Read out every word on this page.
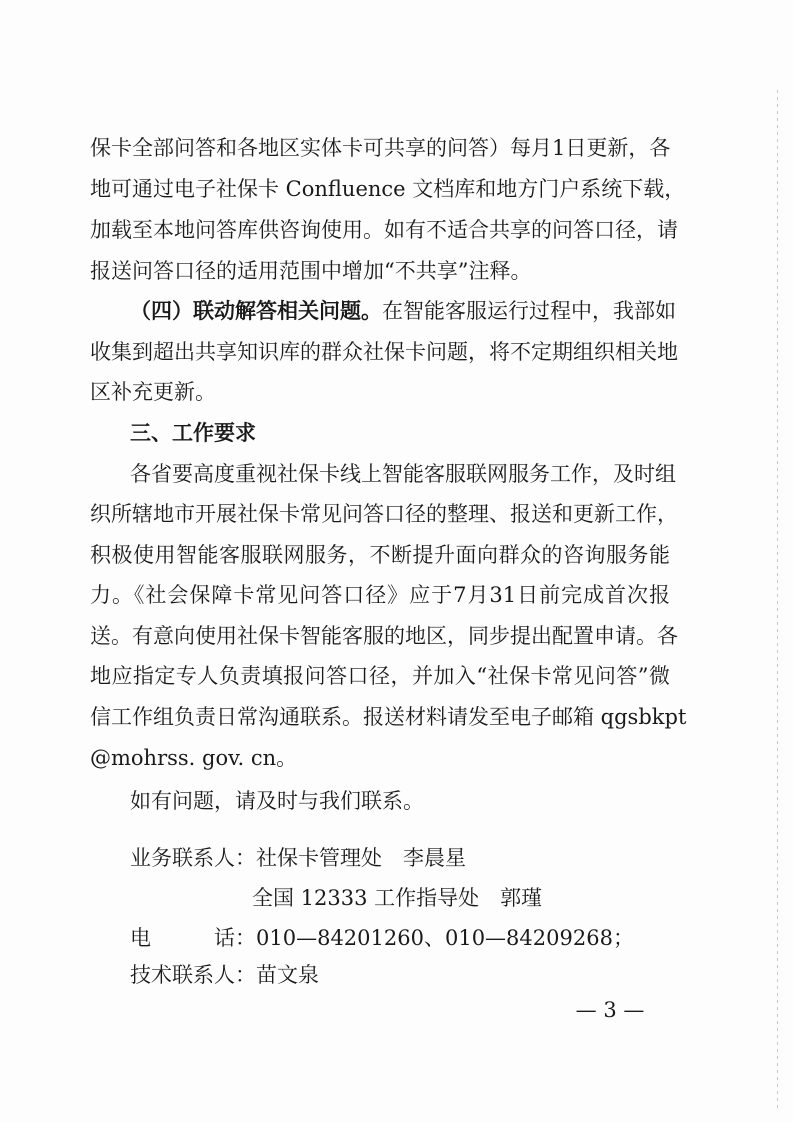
保卡全部问答和各地区实体卡可共享的问答）每月1日更新，各
地可通过电子社保卡 Confluence 文档库和地方门户系统下载，
加载至本地问答库供咨询使用。如有不适合共享的问答口径，请
报送问答口径的适用范围中增加“不共享”注释。
（四）联动解答相关问题。在智能客服运行过程中，我部如
收集到超出共享知识库的群众社保卡问题，将不定期组织相关地
区补充更新。
三、工作要求
各省要高度重视社保卡线上智能客服联网服务工作，及时组
织所辖地市开展社保卡常见问答口径的整理、报送和更新工作，
积极使用智能客服联网服务，不断提升面向群众的咨询服务能
力。《社会保障卡常见问答口径》应于7月31日前完成首次报
送。有意向使用社保卡智能客服的地区，同步提出配置申请。各
地应指定专人负责填报问答口径，并加入“社保卡常见问答”微
信工作组负责日常沟通联系。报送材料请发至电子邮箱 qgsbkpt
@mohrss. gov. cn。
如有问题，请及时与我们联系。
业务联系人：社保卡管理处　李晨星
全国 12333 工作指导处　郭瑾
电	话：010—84201260、010—84209268；
技术联系人：苗文泉
— 3 —
